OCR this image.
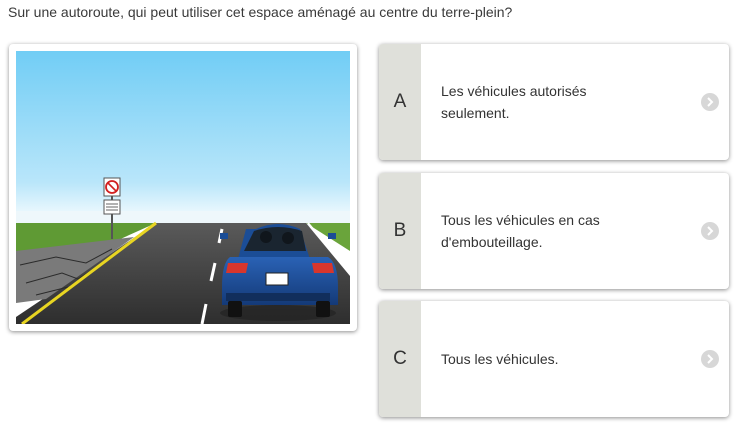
Sur une autoroute, qui peut utiliser cet espace aménagé au centre du terre-plein?
A	Les véhicules autorisés seulement.
B	Tous les véhicules en cas d'embouteillage.
C	Tous les véhicules.
